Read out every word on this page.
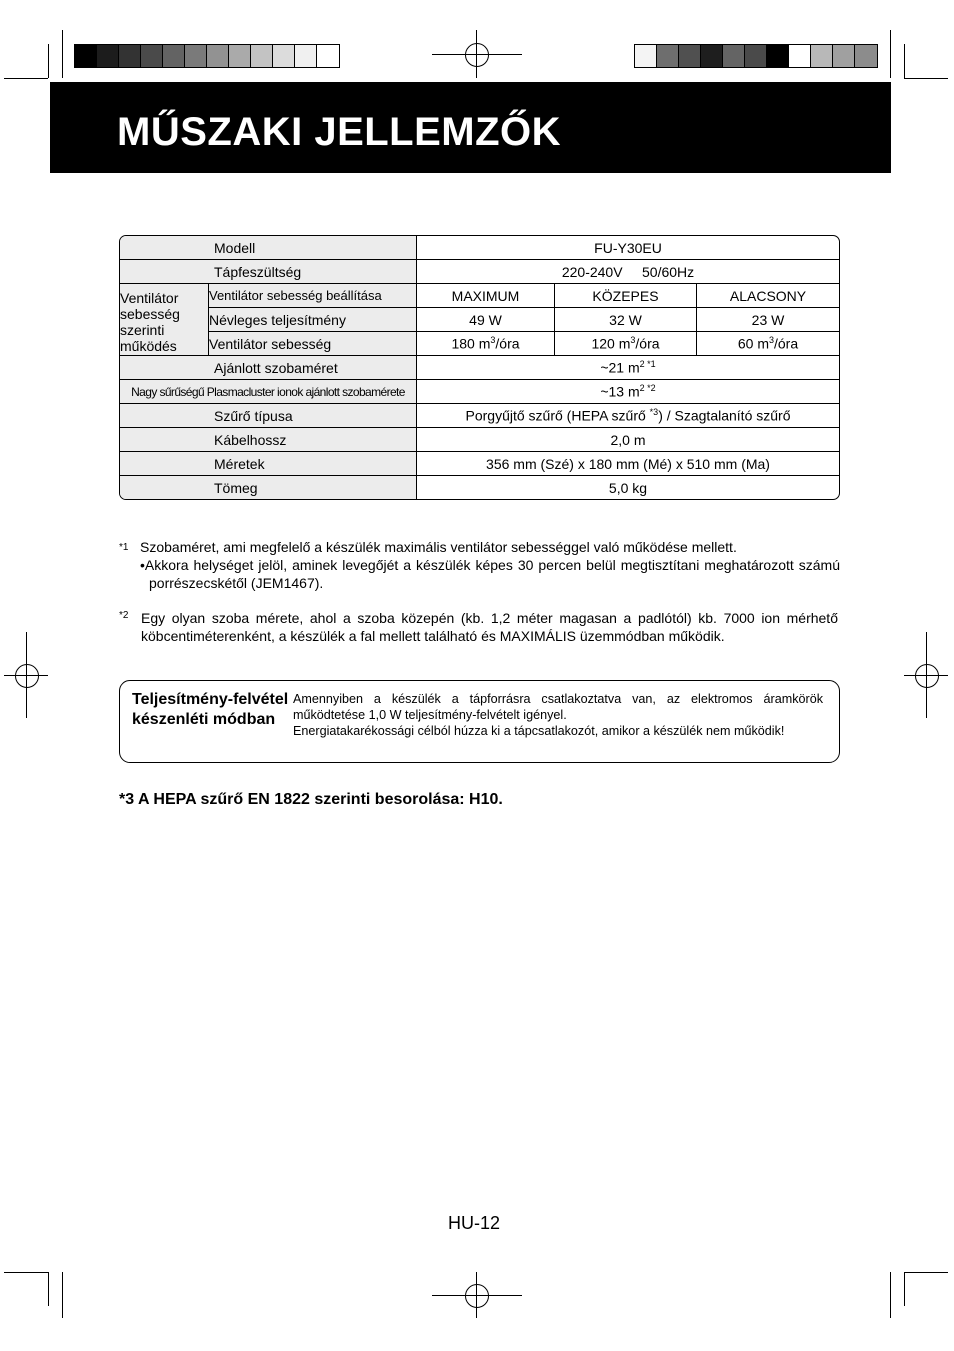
MŰSZAKI JELLEMZŐK
Modell		FU-Y30EU		
Tápfeszültség		220-240V     50/60Hz		
Ventilátor sebesség szerinti működés	Ventilátor sebesség beállítása	MAXIMUM	KÖZEPES	ALACSONY
	Névleges teljesítmény	49 W	32 W	23 W
	Ventilátor sebesség	180 $m^3$/óra	120 $m^3$/óra	60 $m^3$/óra
Ajánlott szobaméret		~21 $m^{2 *1}$
Nagy sűrűségű Plasmacluster ionok ajánlott szobamérete		~13 $m^{2 *2}$
Szűrő típusa		Porgyűjtő szűrő (HEPA szűrő $^{*3}$) / Szagtalanító szűrő		
Kábelhossz		2,0 m		
Méretek		356 mm (Szé) x 180 mm (Mé) x 510 mm (Ma)		
Tömeg		5,0 kg		
*1 Szobaméret, ami megfelelő a készülék maximális ventilátor sebességgel való működése mellett.
•Akkora helységet jelöl, aminek levegőjét a készülék képes 30 percen belül megtisztítani meghatározott számú porrészecskétől (JEM1467).
*2 Egy olyan szoba mérete, ahol a szoba közepén (kb. 1,2 méter magasan a padlótól) kb. 7000 ion mérhető köbcentiméterenként, a készülék a fal mellett található és MAXIMÁLIS üzemmódban működik.
Teljesítmény-felvétel készenléti módban
Amennyiben a készülék a tápforrásra csatlakoztatva van, az elektromos áramkörök működtetése 1,0 W teljesítmény-felvételt igényel.
Energiatakarékossági célból húzza ki a tápcsatlakozót, amikor a készülék nem működik!
*3 A HEPA szűrő EN 1822 szerinti besorolása: H10.
HU-12
